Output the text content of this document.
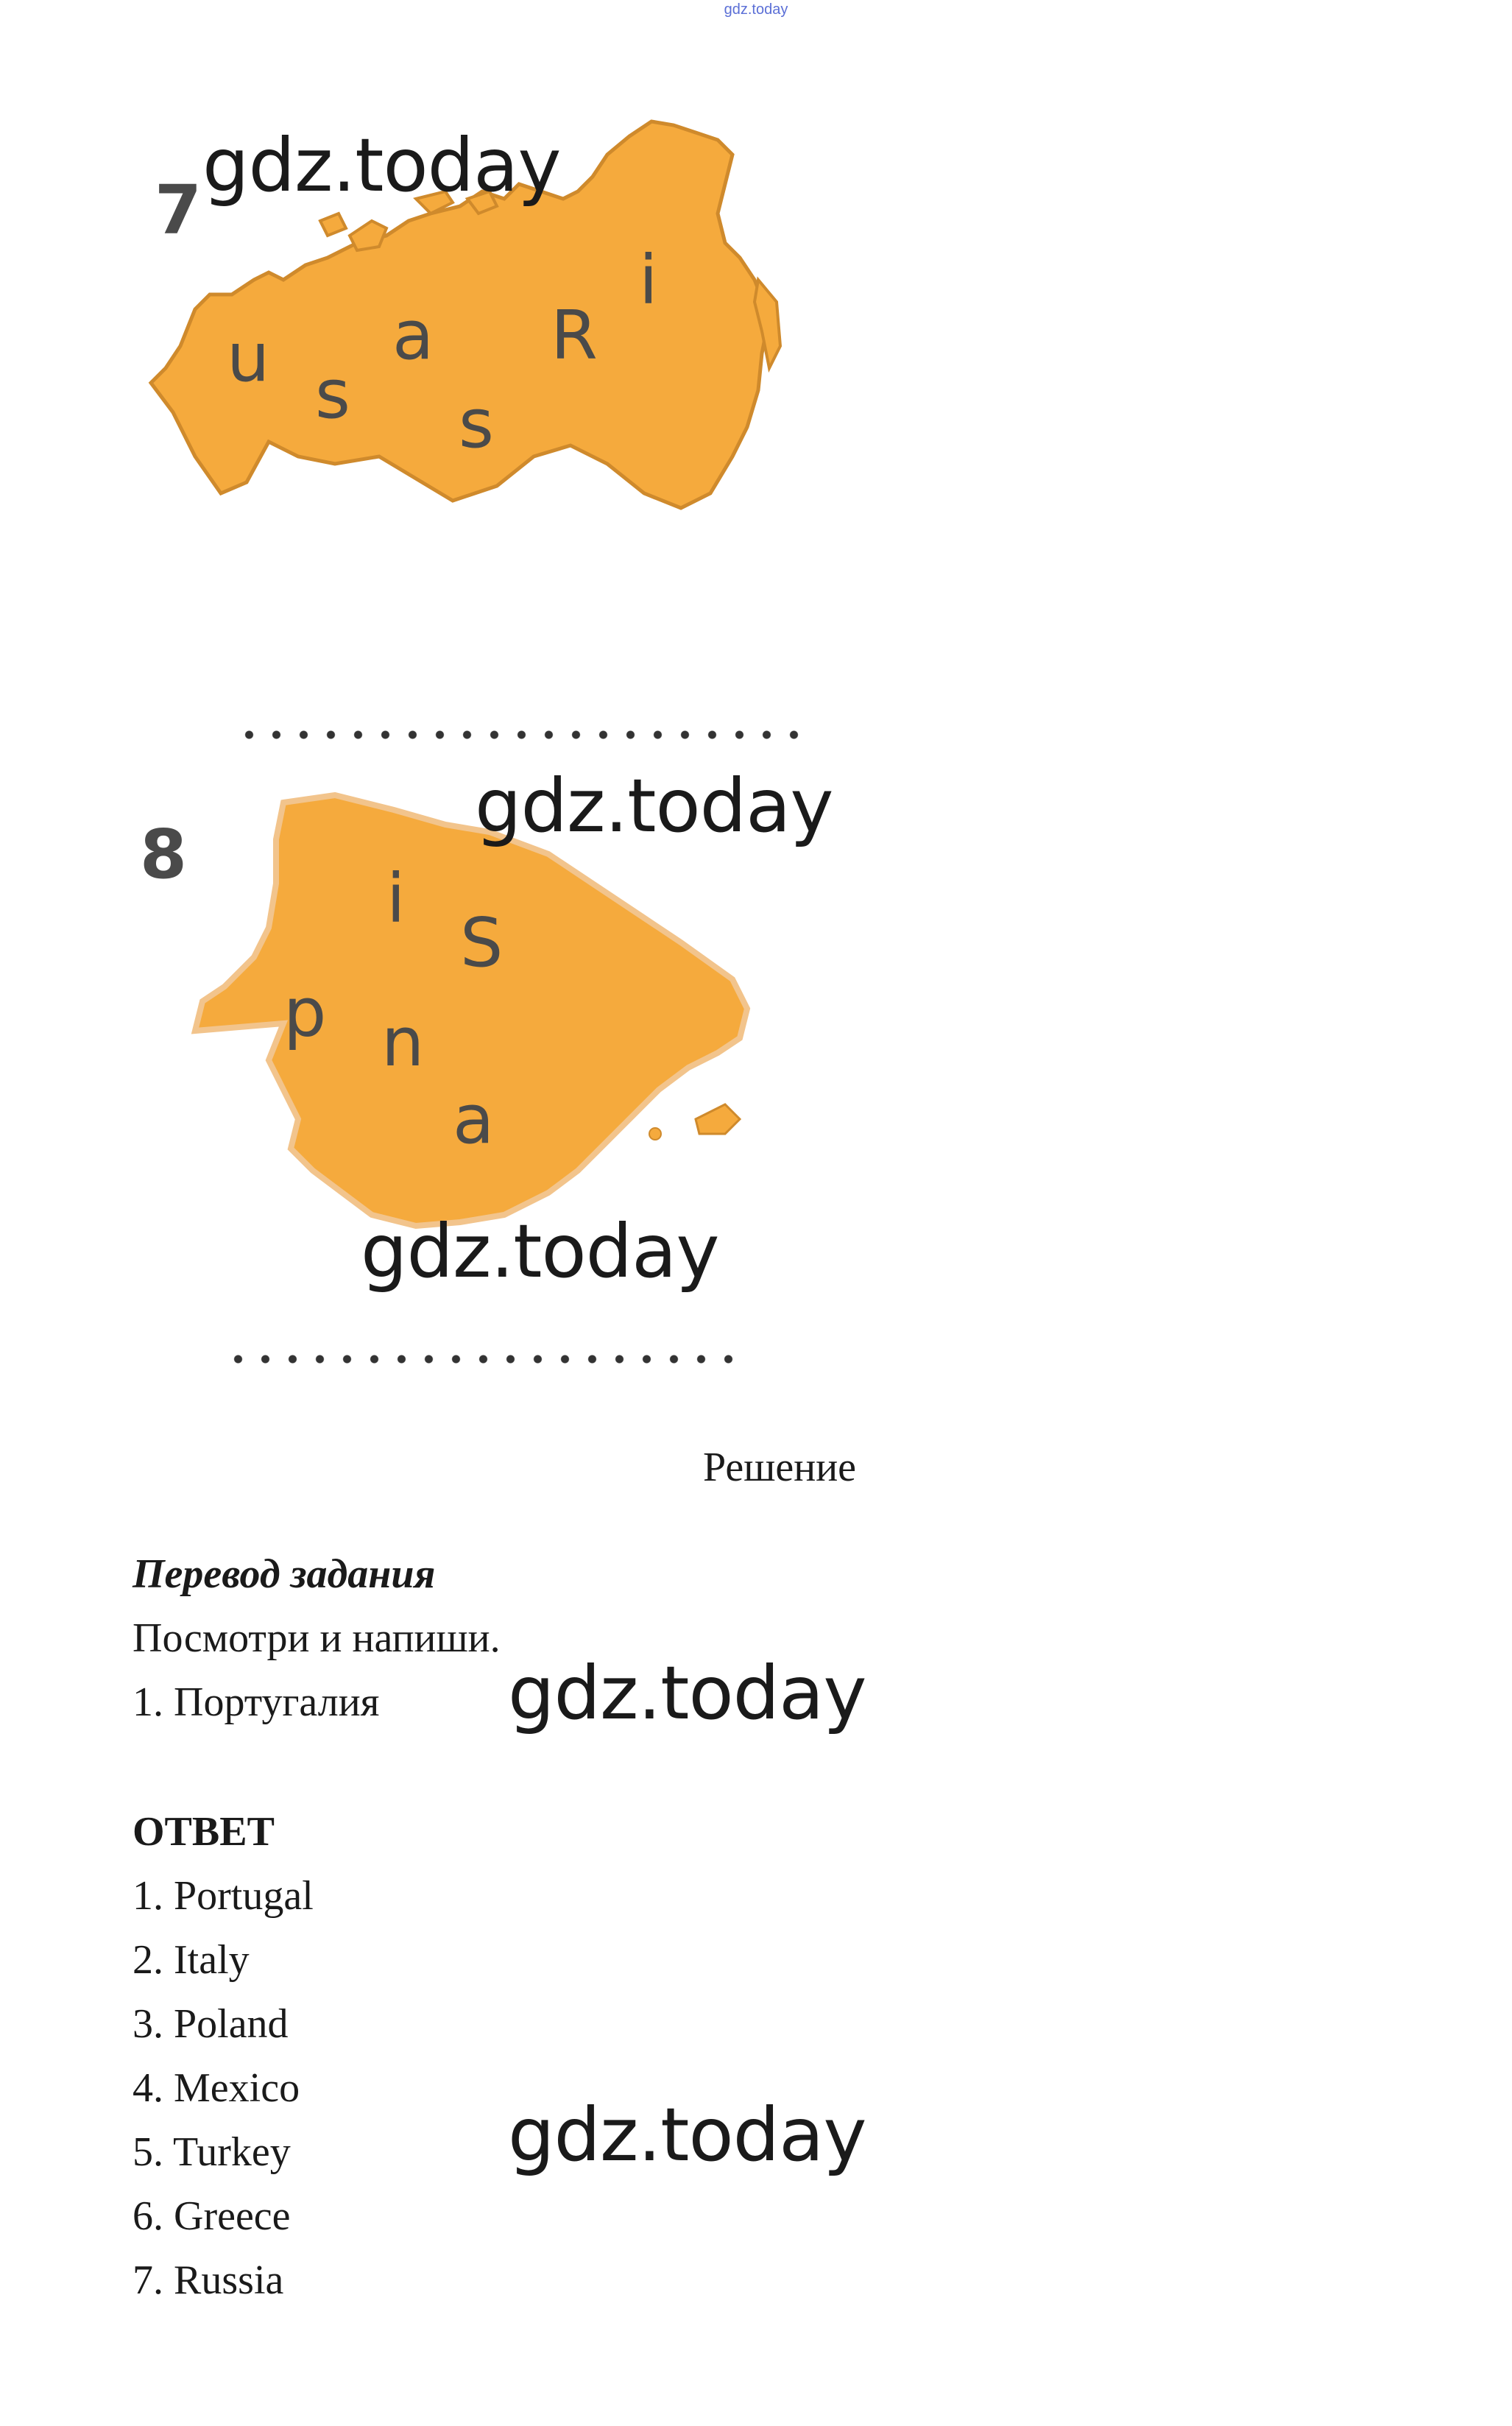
gdz.today
7
u s
a
s
R
i
gdz.today
8
i
S
p n
a
gdz.today
gdz.today
Решение
Перевод задания
Посмотри и напиши.
1. Португалия gdz.today
ОТВЕТ
1. Portugal
2. Italy
3. Poland
4. Mexico
5. Turkey
6. Greece
7. Russia
gdz.today
